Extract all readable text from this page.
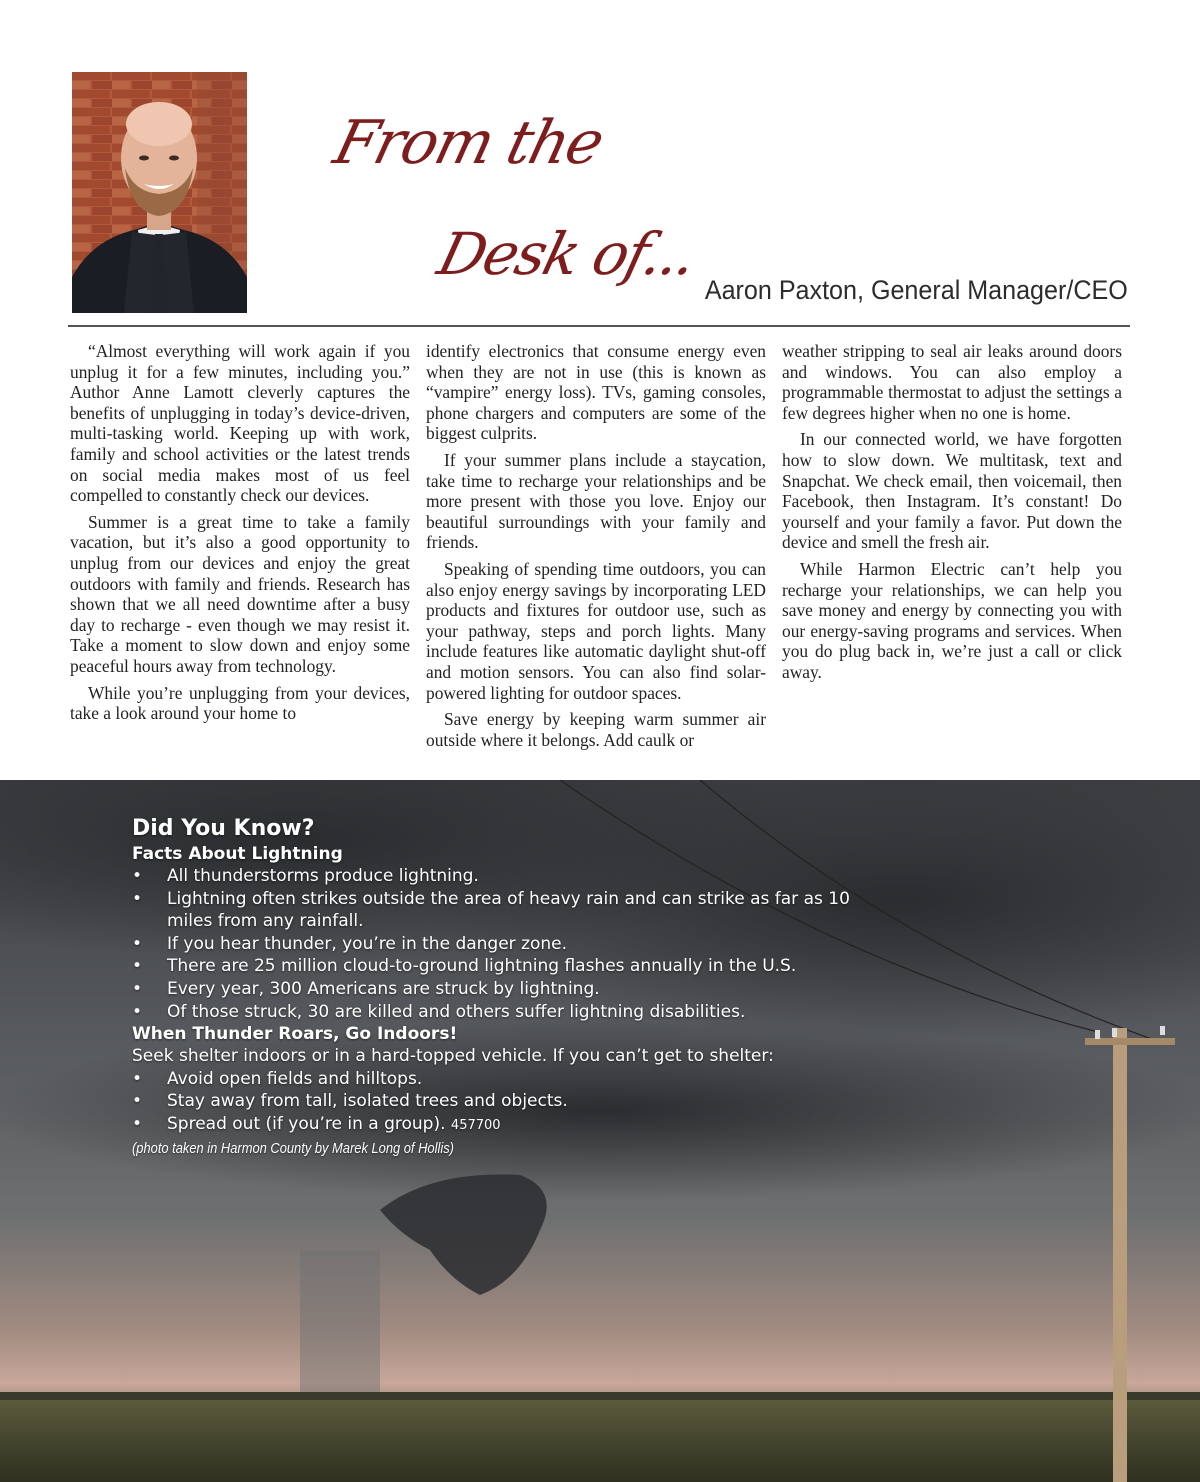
From the
Desk of...
Aaron Paxton, General Manager/CEO

“Almost everything will work again if you unplug it for a few minutes, including you.” Author Anne Lamott cleverly captures the benefits of unplugging in today’s device-driven, multi-tasking world. Keeping up with work, family and school activities or the latest trends on social media makes most of us feel compelled to constantly check our devices.

Summer is a great time to take a family vacation, but it’s also a good opportunity to unplug from our devices and enjoy the great outdoors with family and friends. Research has shown that we all need downtime after a busy day to recharge - even though we may resist it. Take a moment to slow down and enjoy some peaceful hours away from technology.

While you’re unplugging from your devices, take a look around your home to

identify electronics that consume energy even when they are not in use (this is known as “vampire” energy loss). TVs, gaming consoles, phone chargers and computers are some of the biggest culprits.

If your summer plans include a staycation, take time to recharge your relationships and be more present with those you love. Enjoy our beautiful surroundings with your family and friends.

Speaking of spending time outdoors, you can also enjoy energy savings by incorporating LED products and fixtures for outdoor use, such as your pathway, steps and porch lights. Many include features like automatic daylight shut-off and motion sensors. You can also find solar-powered lighting for outdoor spaces.

Save energy by keeping warm summer air outside where it belongs. Add caulk or

weather stripping to seal air leaks around doors and windows. You can also employ a programmable thermostat to adjust the settings a few degrees higher when no one is home.

In our connected world, we have forgotten how to slow down. We multitask, text and Snapchat. We check email, then voicemail, then Facebook, then Instagram. It’s constant! Do yourself and your family a favor. Put down the device and smell the fresh air.

While Harmon Electric can’t help you recharge your relationships, we can help you save money and energy by connecting you with our energy-saving programs and services. When you do plug back in, we’re just a call or click away.

Did You Know?
Facts About Lightning
• All thunderstorms produce lightning.
• Lightning often strikes outside the area of heavy rain and can strike as far as 10 miles from any rainfall.
• If you hear thunder, you’re in the danger zone.
• There are 25 million cloud-to-ground lightning flashes annually in the U.S.
• Every year, 300 Americans are struck by lightning.
• Of those struck, 30 are killed and others suffer lightning disabilities.
When Thunder Roars, Go Indoors!

Seek shelter indoors or in a hard-topped vehicle. If you can’t get to shelter:

• Avoid open fields and hilltops.
• Stay away from tall, isolated trees and objects.
• Spread out (if you’re in a group). 457700

(photo taken in Harmon County by Marek Long of Hollis)
